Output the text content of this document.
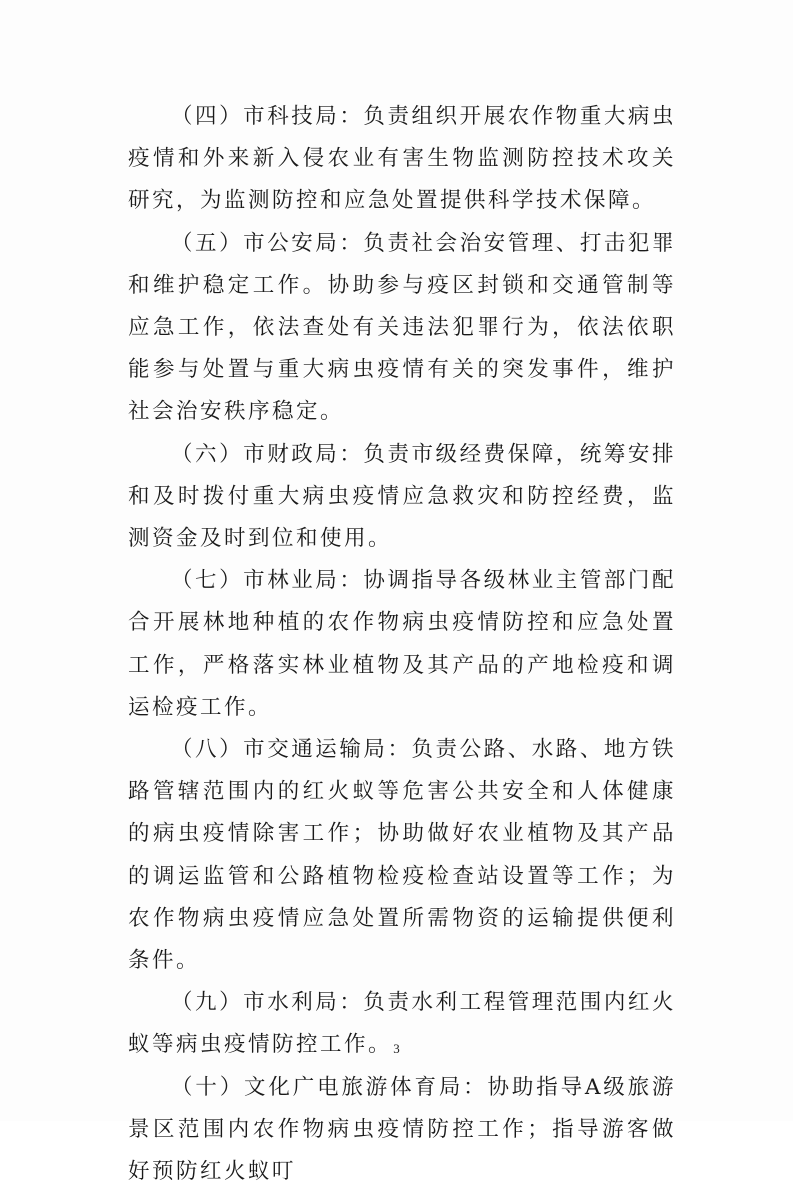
（四）市科技局：负责组织开展农作物重大病虫疫情和外来新入侵农业有害生物监测防控技术攻关研究，为监测防控和应急处置提供科学技术保障。

（五）市公安局：负责社会治安管理、打击犯罪和维护稳定工作。协助参与疫区封锁和交通管制等应急工作，依法查处有关违法犯罪行为，依法依职能参与处置与重大病虫疫情有关的突发事件，维护社会治安秩序稳定。

（六）市财政局：负责市级经费保障，统筹安排和及时拨付重大病虫疫情应急救灾和防控经费，监测资金及时到位和使用。

（七）市林业局：协调指导各级林业主管部门配合开展林地种植的农作物病虫疫情防控和应急处置工作，严格落实林业植物及其产品的产地检疫和调运检疫工作。

（八）市交通运输局：负责公路、水路、地方铁路管辖范围内的红火蚁等危害公共安全和人体健康的病虫疫情除害工作；协助做好农业植物及其产品的调运监管和公路植物检疫检查站设置等工作；为农作物病虫疫情应急处置所需物资的运输提供便利条件。

（九）市水利局：负责水利工程管理范围内红火蚁等病虫疫情防控工作。

（十）文化广电旅游体育局：协助指导A级旅游景区范围内农作物病虫疫情防控工作；指导游客做好预防红火蚁叮

3
